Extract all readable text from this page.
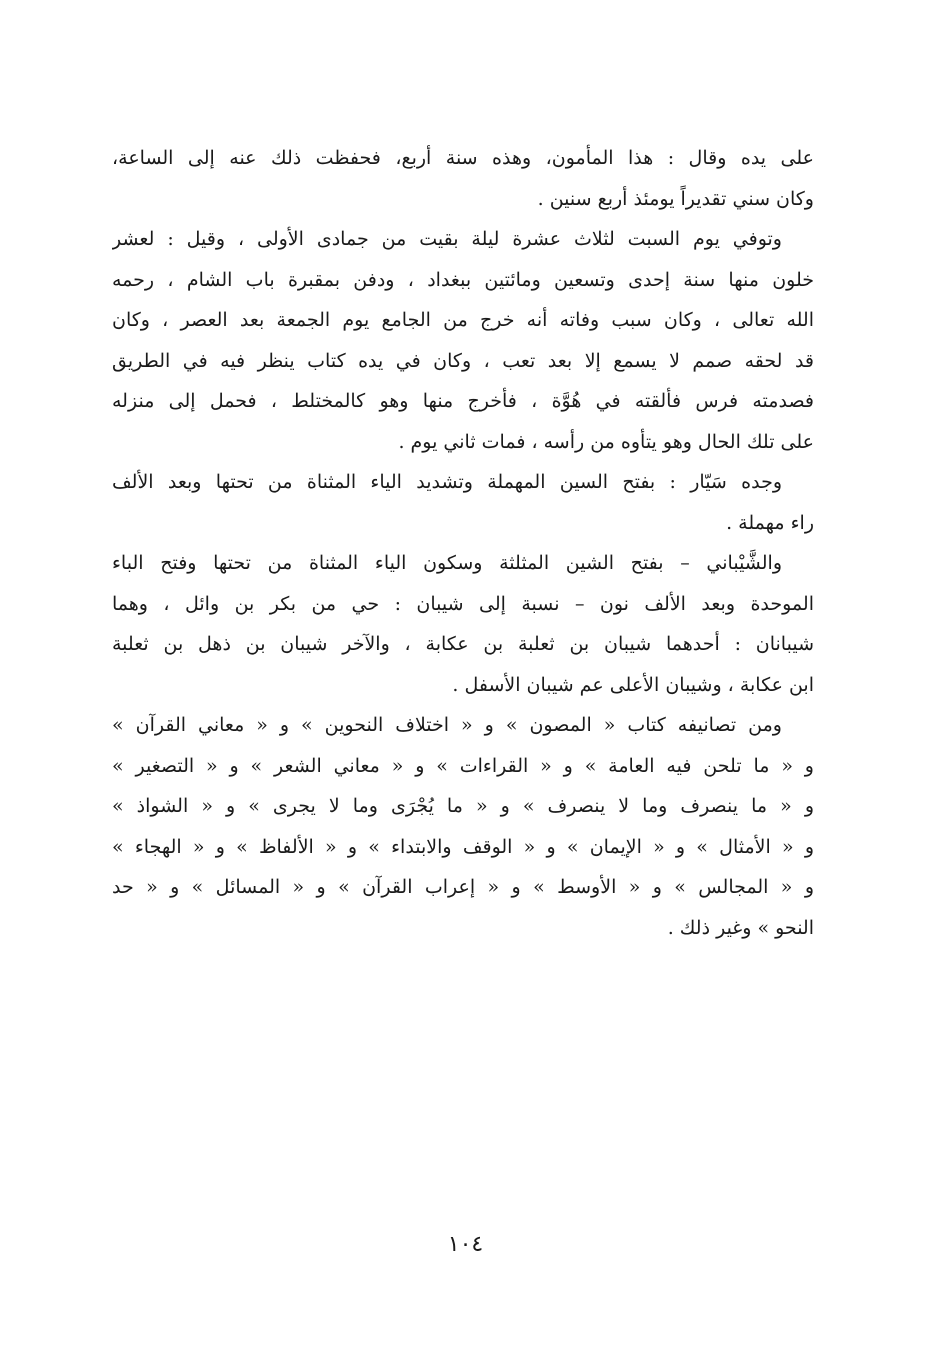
على يده وقال : هذا المأمون، وهذه سنة أربع، فحفظت ذلك عنه إلى الساعة،
وكان سني تقديراً يومئذ أربع سنين .
وتوفي يوم السبت لثلاث عشرة ليلة بقيت من جمادى الأولى ، وقيل : لعشر
خلون منها سنة إحدى وتسعين ومائتين ببغداد ، ودفن بمقبرة باب الشام ، رحمه
الله تعالى ، وكان سبب وفاته أنه خرج من الجامع يوم الجمعة بعد العصر ، وكان
قد لحقه صمم لا يسمع إلا بعد تعب ، وكان في يده كتاب ينظر فيه في الطريق
فصدمته فرس فألقته في هُوَّة ، فأخرج منها وهو كالمختلط ، فحمل إلى منزله
على تلك الحال وهو يتأوه من رأسه ، فمات ثاني يوم .
وجده سَيّار : بفتح السين المهملة وتشديد الياء المثناة من تحتها وبعد الألف
راء مهملة .
والشَّيْباني – بفتح الشين المثلثة وسكون الياء المثناة من تحتها وفتح الباء
الموحدة وبعد الألف نون – نسبة إلى شيبان : حي من بكر بن وائل ، وهما
شيبانان : أحدهما شيبان بن ثعلبة بن عكابة ، والآخر شيبان بن ذهل بن ثعلبة
ابن عكابة ، وشيبان الأعلى عم شيبان الأسفل .
ومن تصانيفه كتاب « المصون » و « اختلاف النحوين » و « معاني القرآن »
و « ما تلحن فيه العامة » و « القراءات » و « معاني الشعر » و « التصغير »
و « ما ينصرف وما لا ينصرف » و « ما يُجْرَى وما لا يجرى » و « الشواذ »
و « الأمثال » و « الإيمان » و « الوقف والابتداء » و « الألفاظ » و « الهجاء »
و « المجالس » و « الأوسط » و « إعراب القرآن » و « المسائل » و « حد
النحو » وغير ذلك .
١٠٤
